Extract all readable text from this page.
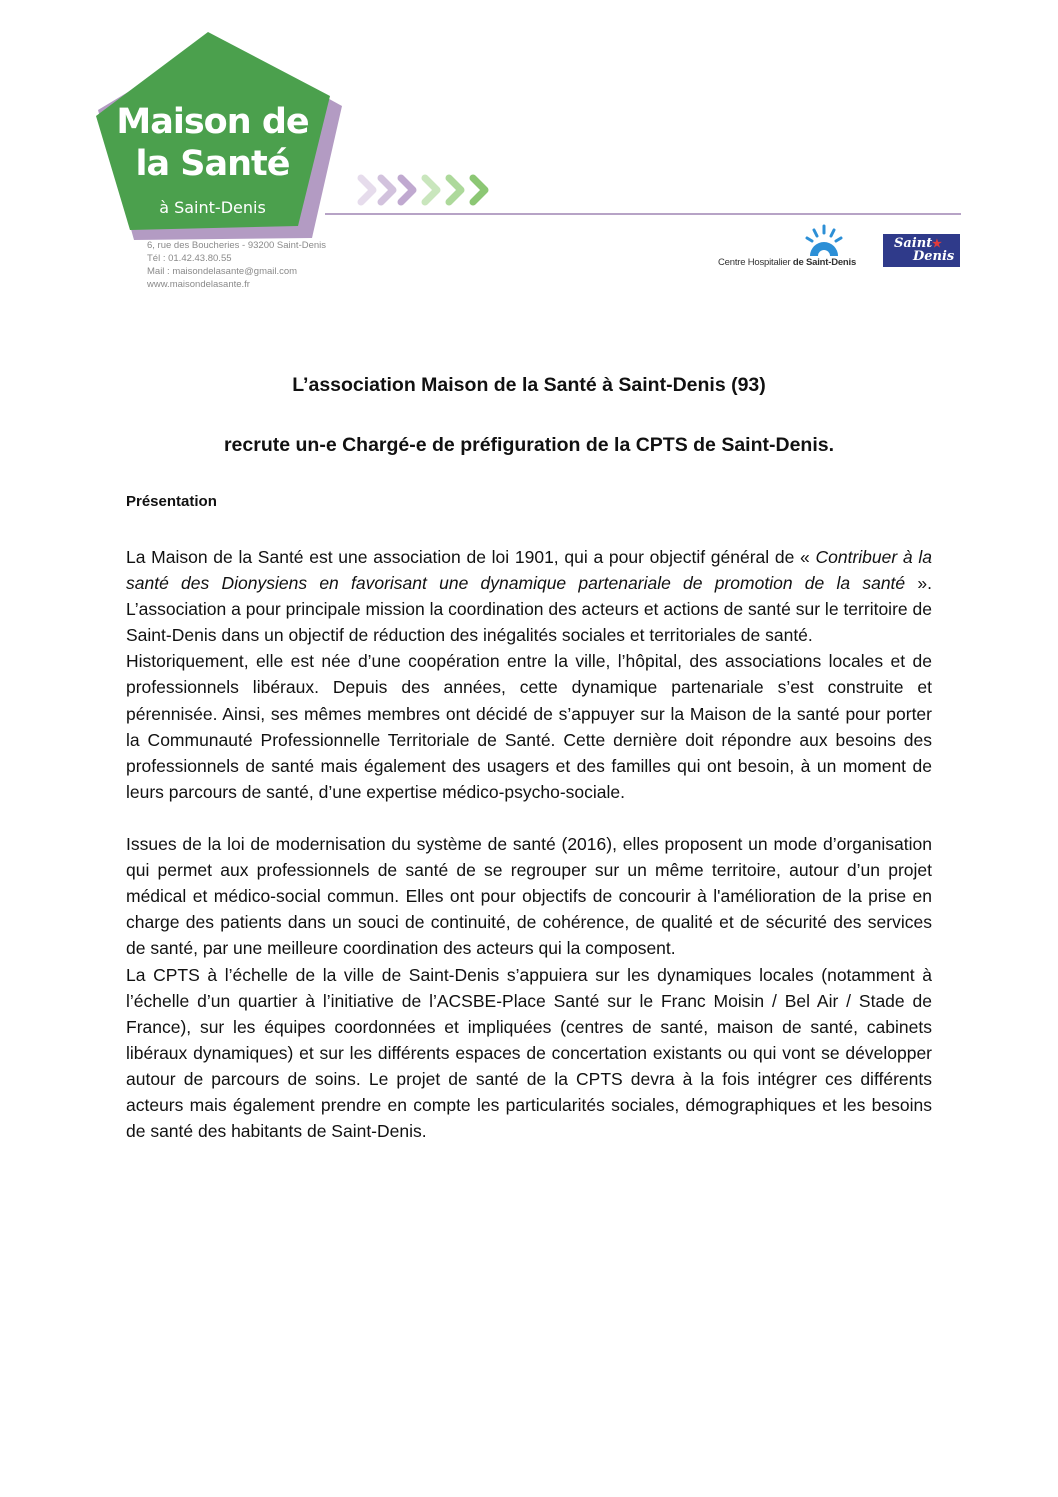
Maison de
la Santé
à Saint-Denis
6, rue des Boucheries - 93200 Saint-Denis
Tél : 01.42.43.80.55
Mail : maisondelasante@gmail.com
www.maisondelasante.fr
Centre Hospitalier de Saint-Denis
Saint ★
Denis
L’association Maison de la Santé à Saint-Denis (93)
recrute un-e Chargé-e de préfiguration de la CPTS de Saint-Denis.
Présentation

La Maison de la Santé est une association de loi 1901, qui a pour objectif général de « Contribuer à la santé des Dionysiens en favorisant une dynamique partenariale de promotion de la santé ». L’association a pour principale mission la coordination des acteurs et actions de santé sur le territoire de Saint-Denis dans un objectif de réduction des inégalités sociales et territoriales de santé.

Historiquement, elle est née d’une coopération entre la ville, l’hôpital, des associations locales et de professionnels libéraux. Depuis des années, cette dynamique partenariale s’est construite et pérennisée. Ainsi, ses mêmes membres ont décidé de s’appuyer sur la Maison de la santé pour porter la Communauté Professionnelle Territoriale de Santé. Cette dernière doit répondre aux besoins des professionnels de santé mais également des usagers et des familles qui ont besoin, à un moment de leurs parcours de santé, d’une expertise médico-psycho-sociale.

Issues de la loi de modernisation du système de santé (2016), elles proposent un mode d’organisation qui permet aux professionnels de santé de se regrouper sur un même territoire, autour d’un projet médical et médico-social commun. Elles ont pour objectifs de concourir à l'amélioration de la prise en charge des patients dans un souci de continuité, de cohérence, de qualité et de sécurité des services de santé, par une meilleure coordination des acteurs qui la composent.

La CPTS à l’échelle de la ville de Saint-Denis s’appuiera sur les dynamiques locales (notamment à l’échelle d’un quartier à l’initiative de l’ACSBE-Place Santé sur le Franc Moisin / Bel Air / Stade de France), sur les équipes coordonnées et impliquées (centres de santé, maison de santé, cabinets libéraux dynamiques) et sur les différents espaces de concertation existants ou qui vont se développer autour de parcours de soins. Le projet de santé de la CPTS devra à la fois intégrer ces différents acteurs mais également prendre en compte les particularités sociales, démographiques et les besoins de santé des habitants de Saint-Denis.
